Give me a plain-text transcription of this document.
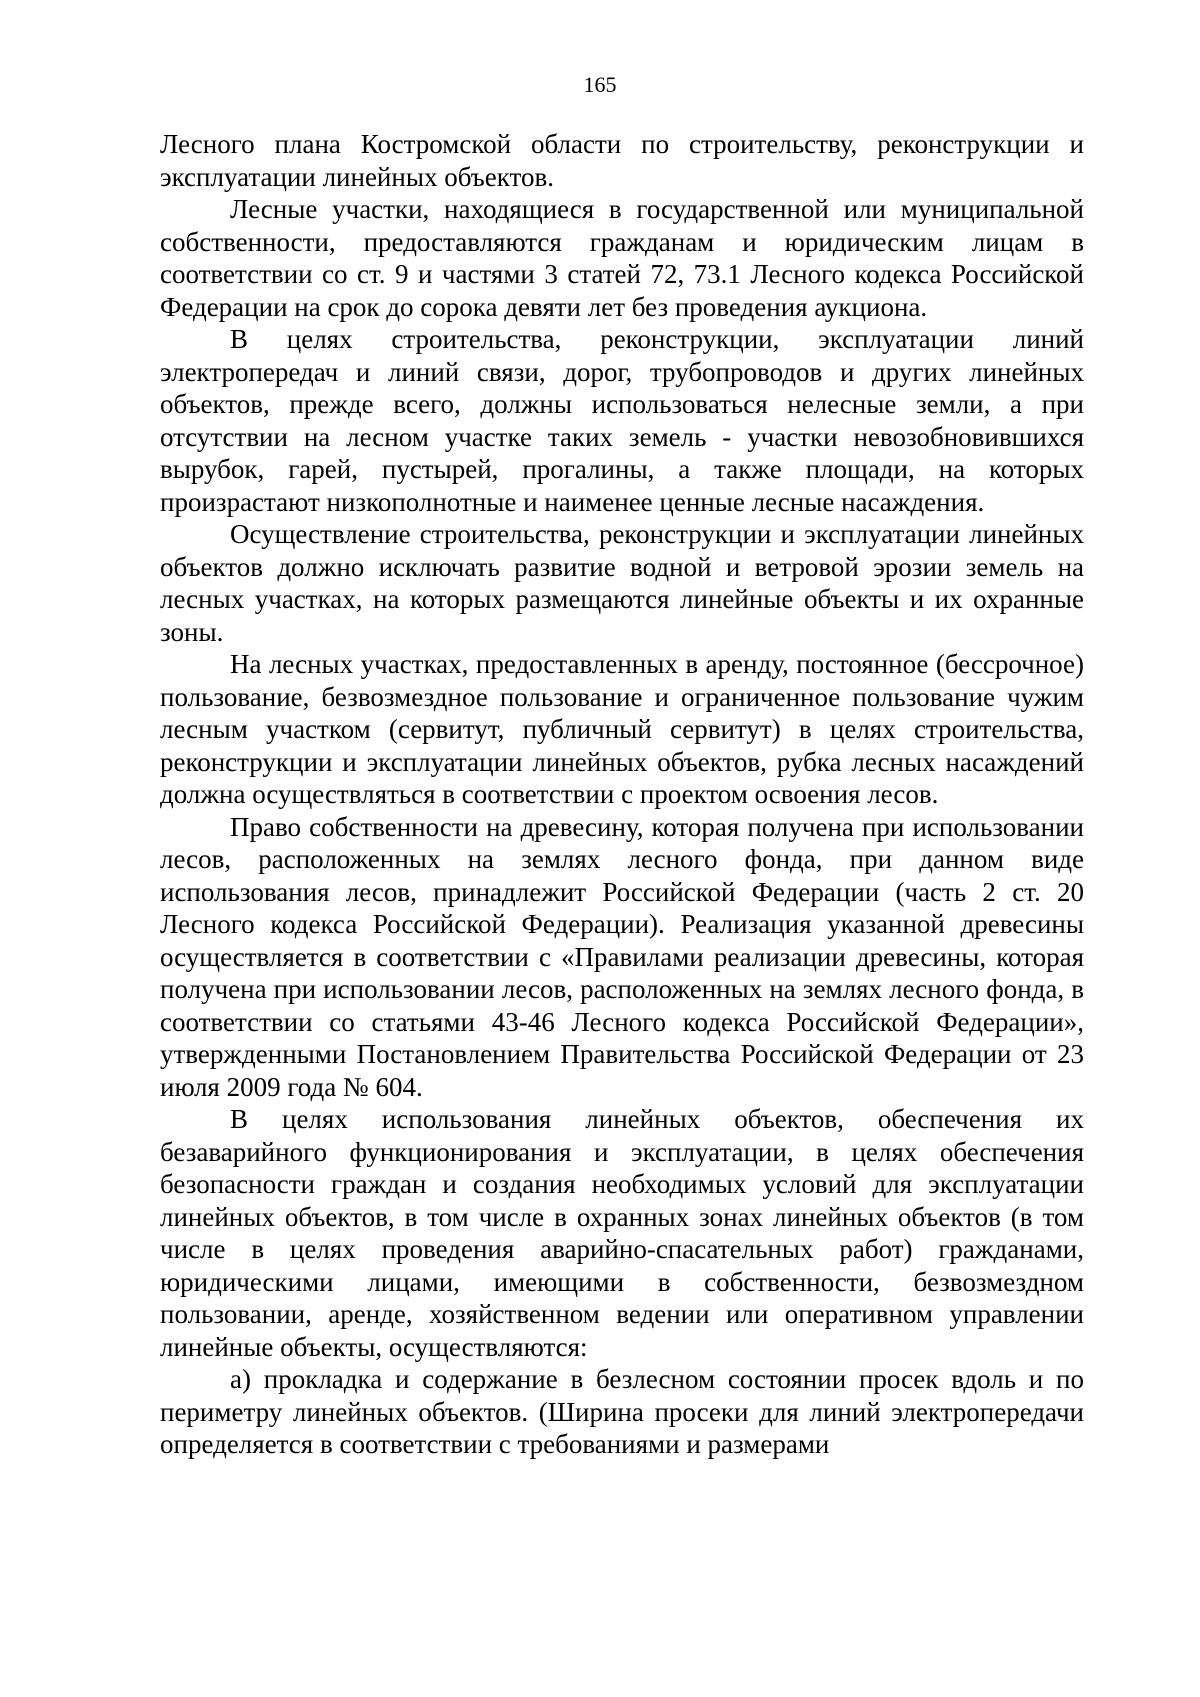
165

Лесного плана Костромской области по строительству, реконструкции и эксплуатации линейных объектов.

Лесные участки, находящиеся в государственной или муниципальной собственности, предоставляются гражданам и юридическим лицам в соответствии со ст. 9 и частями 3 статей 72, 73.1 Лесного кодекса Российской Федерации на срок до сорока девяти лет без проведения аукциона.

В целях строительства, реконструкции, эксплуатации линий электропередач и линий связи, дорог, трубопроводов и других линейных объектов, прежде всего, должны использоваться нелесные земли, а при отсутствии на лесном участке таких земель - участки невозобновившихся вырубок, гарей, пустырей, прогалины, а также площади, на которых произрастают низкополнотные и наименее ценные лесные насаждения.

Осуществление строительства, реконструкции и эксплуатации линейных объектов должно исключать развитие водной и ветровой эрозии земель на лесных участках, на которых размещаются линейные объекты и их охранные зоны.

На лесных участках, предоставленных в аренду, постоянное (бессрочное) пользование, безвозмездное пользование и ограниченное пользование чужим лесным участком (сервитут, публичный сервитут) в целях строительства, реконструкции и эксплуатации линейных объектов, рубка лесных насаждений должна осуществляться в соответствии с проектом освоения лесов.

Право собственности на древесину, которая получена при использовании лесов, расположенных на землях лесного фонда, при данном виде использования лесов, принадлежит Российской Федерации (часть 2 ст. 20 Лесного кодекса Российской Федерации). Реализация указанной древесины осуществляется в соответствии с «Правилами реализации древесины, которая получена при использовании лесов, расположенных на землях лесного фонда, в соответствии со статьями 43-46 Лесного кодекса Российской Федерации», утвержденными Постановлением Правительства Российской Федерации от 23 июля 2009 года № 604.

В целях использования линейных объектов, обеспечения их безаварийного функционирования и эксплуатации, в целях обеспечения безопасности граждан и создания необходимых условий для эксплуатации линейных объектов, в том числе в охранных зонах линейных объектов (в том числе в целях проведения аварийно-спасательных работ) гражданами, юридическими лицами, имеющими в собственности, безвозмездном пользовании, аренде, хозяйственном ведении или оперативном управлении линейные объекты, осуществляются:

а) прокладка и содержание в безлесном состоянии просек вдоль и по периметру линейных объектов. (Ширина просеки для линий электропередачи определяется в соответствии с требованиями и размерами
